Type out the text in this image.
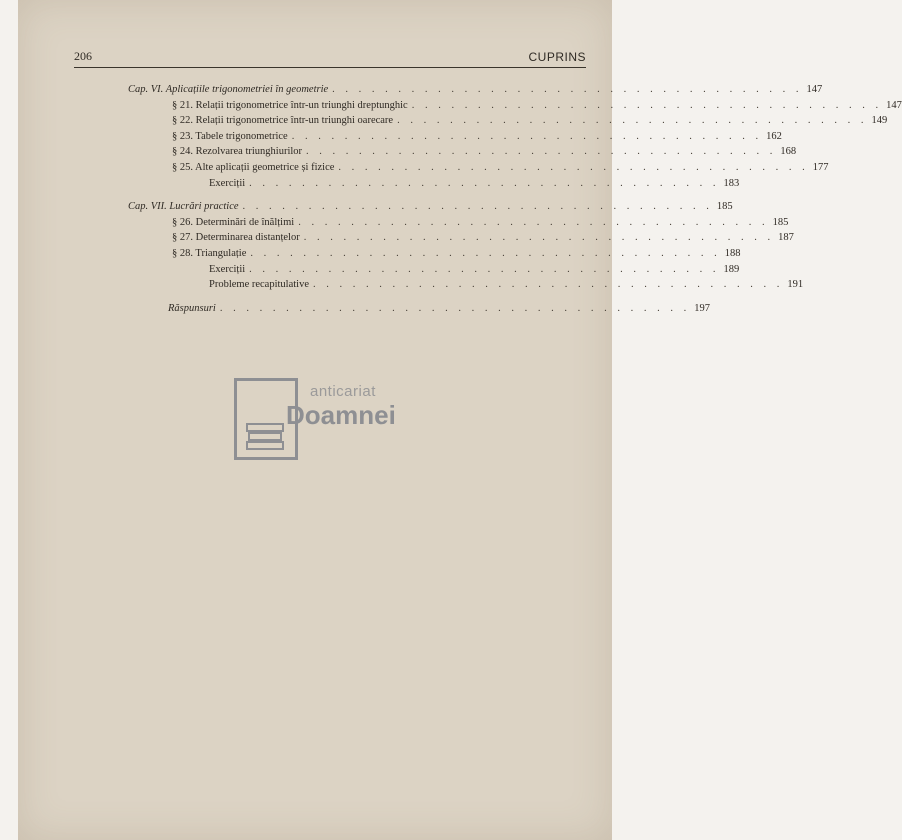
206	CUPRINS
Cap. VI. Aplicațiile trigonometriei în geometrie . . . . . . . . . . . . . . . . . . . . . . . . . . . . . . . . . . . . 147
§ 21. Relații trigonometrice într-un triunghi dreptunghic . . . . . . . . . . . . . . . . . . . . . . . . . . . . . . . . . . . . 147
§ 22. Relații trigonometrice într-un triunghi oarecare . . . . . . . . . . . . . . . . . . . . . . . . . . . . . . . . . . . . 149
§ 23. Tabele trigonometrice . . . . . . . . . . . . . . . . . . . . . . . . . . . . . . . . . . . . 162
§ 24. Rezolvarea triunghiurilor . . . . . . . . . . . . . . . . . . . . . . . . . . . . . . . . . . . . 168
§ 25. Alte aplicații geometrice și fizice . . . . . . . . . . . . . . . . . . . . . . . . . . . . . . . . . . . . 177
Exerciții . . . . . . . . . . . . . . . . . . . . . . . . . . . . . . . . . . . . 183
Cap. VII. Lucrări practice . . . . . . . . . . . . . . . . . . . . . . . . . . . . . . . . . . . . 185
§ 26. Determinări de înălțimi . . . . . . . . . . . . . . . . . . . . . . . . . . . . . . . . . . . . 185
§ 27. Determinarea distanțelor . . . . . . . . . . . . . . . . . . . . . . . . . . . . . . . . . . . . 187
§ 28. Triangulație . . . . . . . . . . . . . . . . . . . . . . . . . . . . . . . . . . . . 188
Exerciții . . . . . . . . . . . . . . . . . . . . . . . . . . . . . . . . . . . . 189
Probleme recapitulative . . . . . . . . . . . . . . . . . . . . . . . . . . . . . . . . . . . . 191
Răspunsuri . . . . . . . . . . . . . . . . . . . . . . . . . . . . . . . . . . . . 197
anticariat
Doamnei
